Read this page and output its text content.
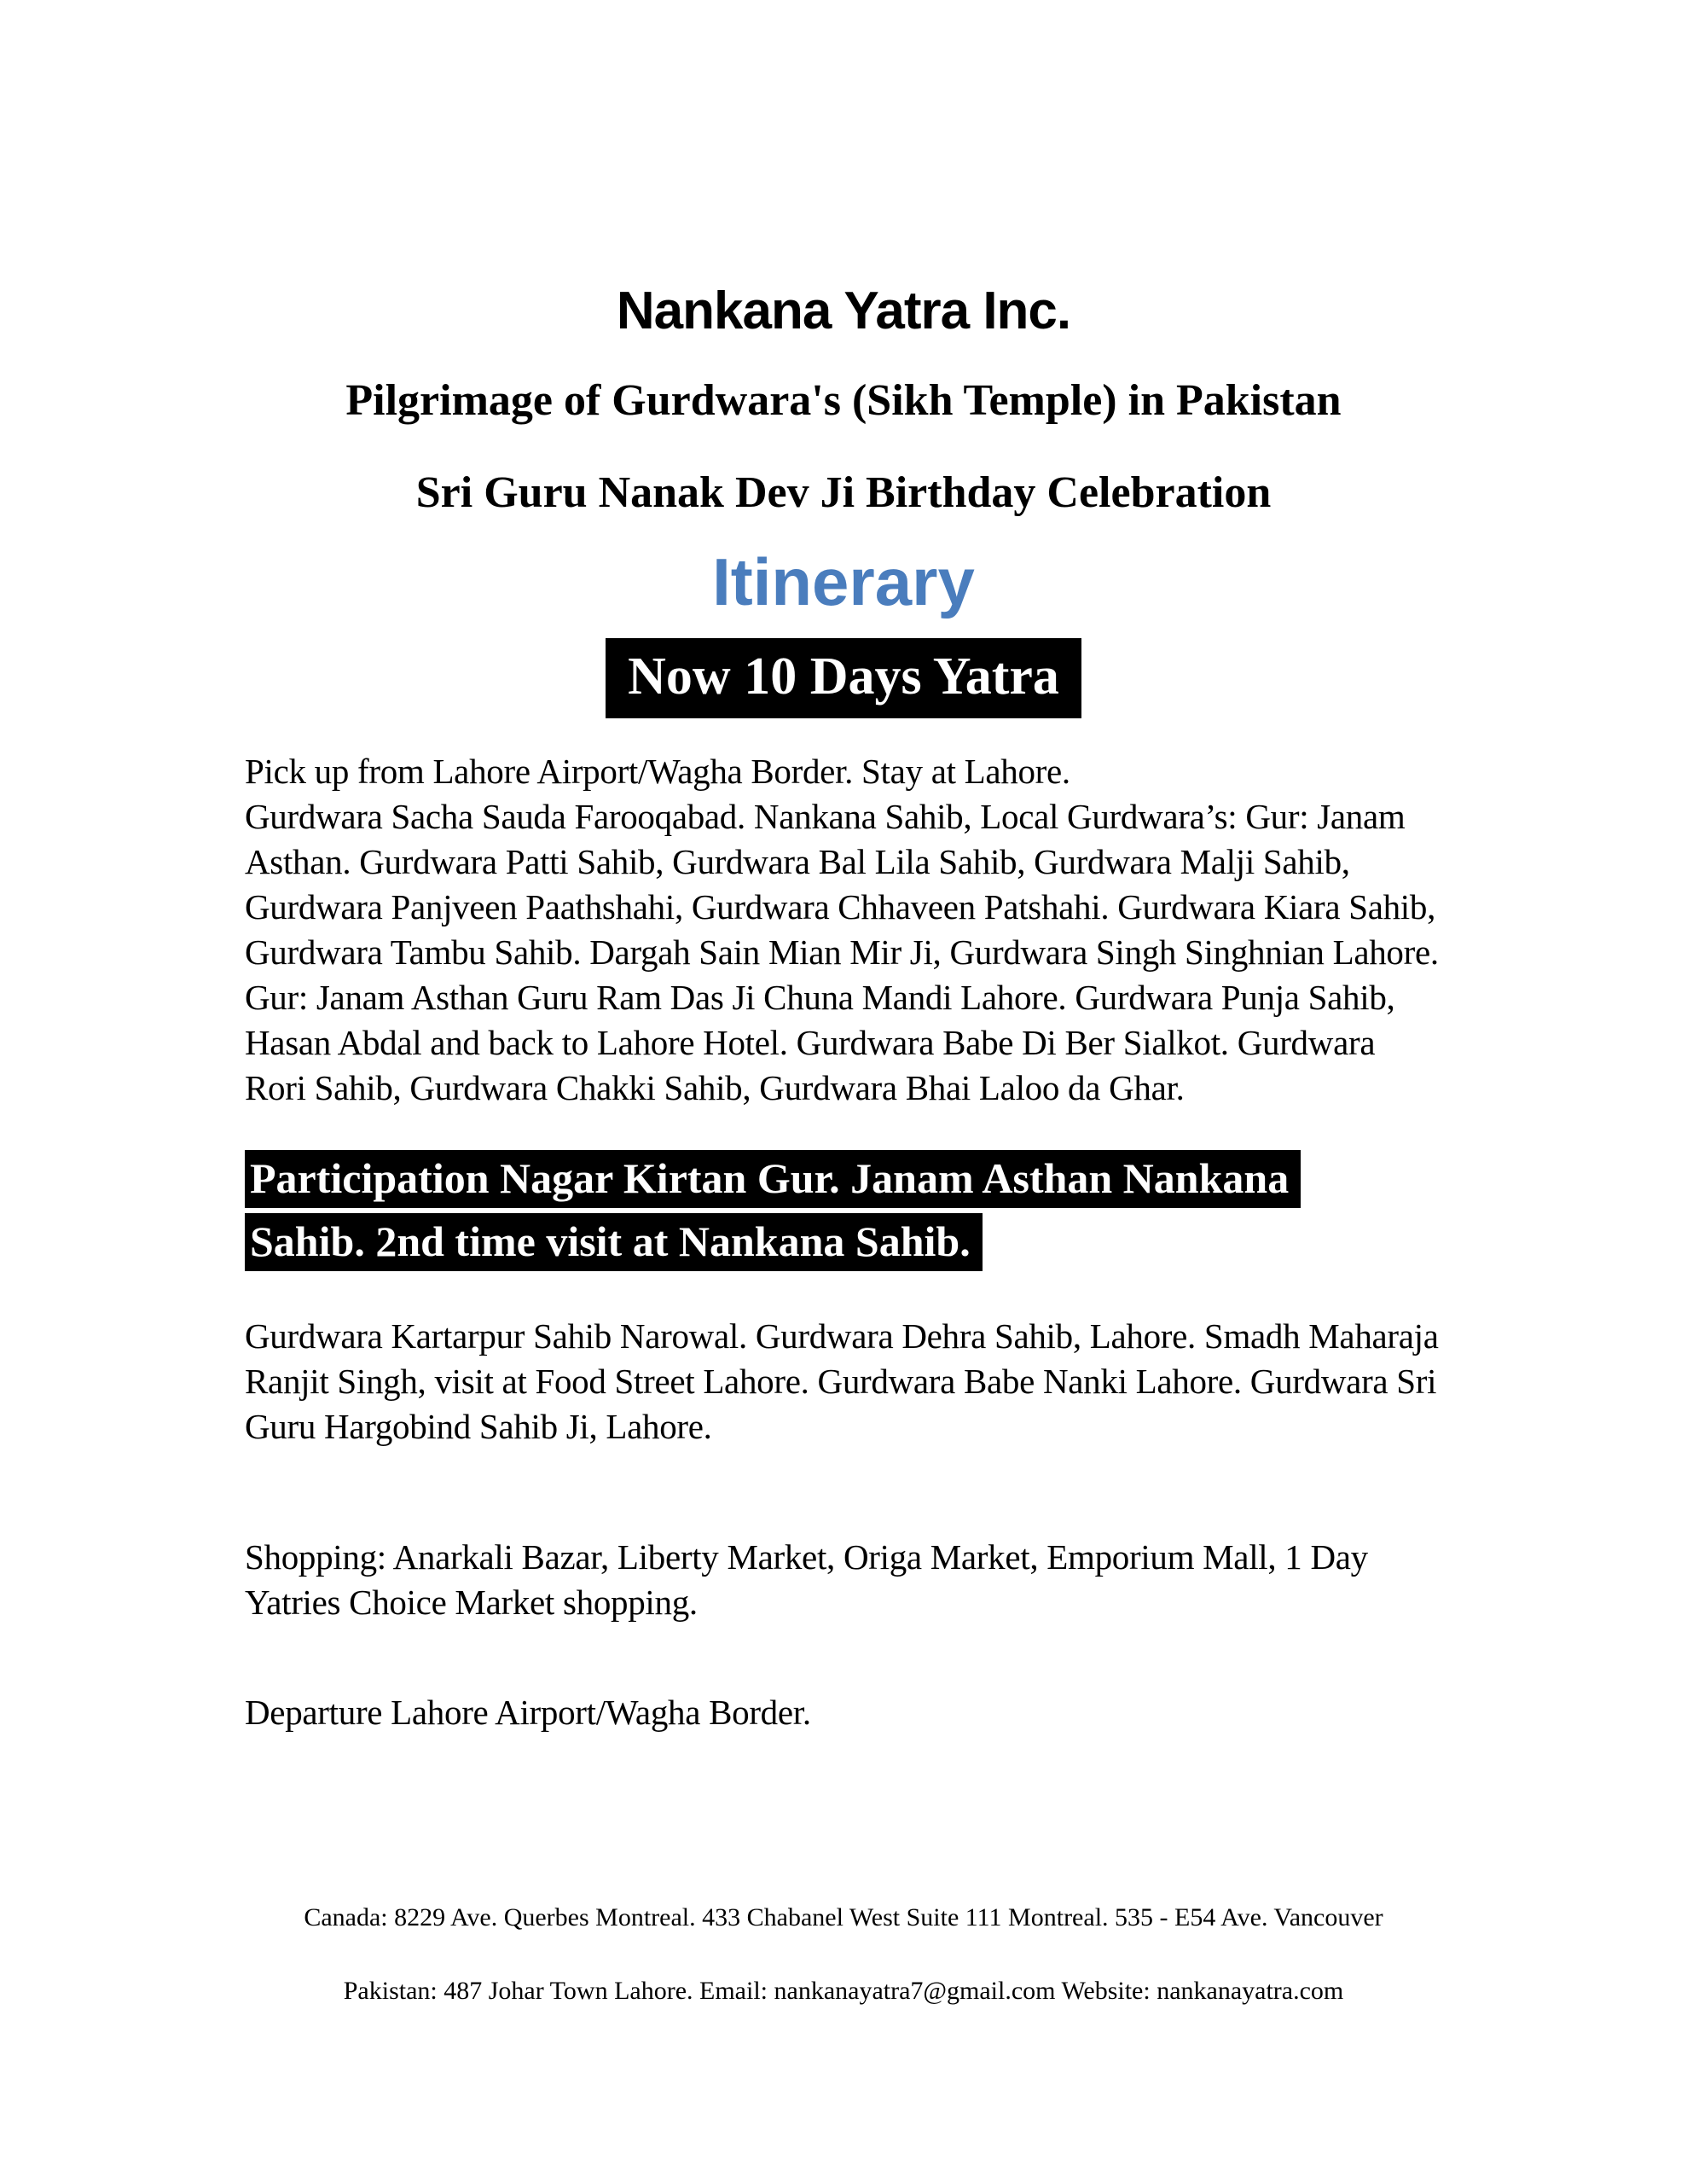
Nankana Yatra Inc.
Pilgrimage of Gurdwara's (Sikh Temple) in Pakistan
Sri Guru Nanak Dev Ji Birthday Celebration
Itinerary
Now 10 Days Yatra
Pick up from Lahore Airport/Wagha Border. Stay at Lahore.
Gurdwara Sacha Sauda Farooqabad. Nankana Sahib, Local Gurdwara’s: Gur: Janam Asthan. Gurdwara Patti Sahib, Gurdwara Bal Lila Sahib, Gurdwara Malji Sahib, Gurdwara Panjveen Paathshahi, Gurdwara Chhaveen Patshahi. Gurdwara Kiara Sahib, Gurdwara Tambu Sahib. Dargah Sain Mian Mir Ji, Gurdwara Singh Singhnian Lahore. Gur: Janam Asthan Guru Ram Das Ji Chuna Mandi Lahore. Gurdwara Punja Sahib, Hasan Abdal and back to Lahore Hotel. Gurdwara Babe Di Ber Sialkot. Gurdwara Rori Sahib, Gurdwara Chakki Sahib, Gurdwara Bhai Laloo da Ghar.
Participation Nagar Kirtan Gur. Janam Asthan Nankana
Sahib. 2nd time visit at Nankana Sahib.

Gurdwara Kartarpur Sahib Narowal. Gurdwara Dehra Sahib, Lahore. Smadh Maharaja Ranjit Singh, visit at Food Street Lahore. Gurdwara Babe Nanki Lahore. Gurdwara Sri Guru Hargobind Sahib Ji, Lahore.

Shopping: Anarkali Bazar, Liberty Market, Origa Market, Emporium Mall, 1 Day Yatries Choice Market shopping.

Departure Lahore Airport/Wagha Border.

Canada: 8229 Ave. Querbes Montreal. 433 Chabanel West Suite 111 Montreal. 535 - E54 Ave. Vancouver

Pakistan: 487 Johar Town Lahore. Email: nankanayatra7@gmail.com Website: nankanayatra.com
